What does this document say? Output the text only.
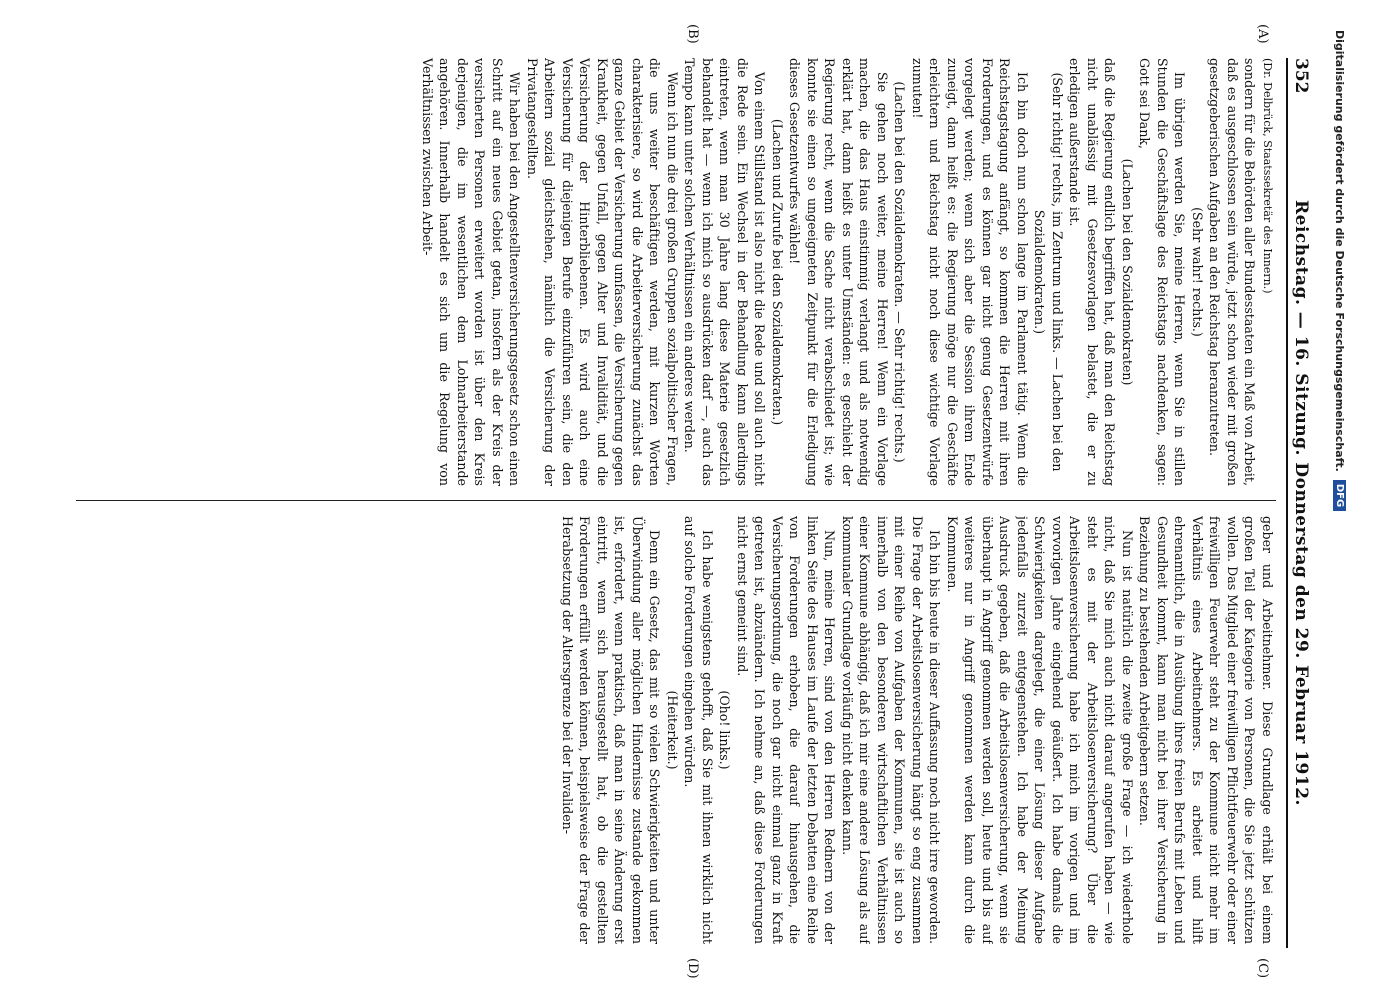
352
Reichstag. — 16. Sitzung. Donnerstag den 29. Februar 1912.
(A)
(B)
(C)
(D)

(Dr. Delbrück, Staatssekretär des Innern.)

sondern für die Behörden aller Bundesstaaten ein Maß von Arbeit, daß es ausgeschlossen sein würde, jetzt schon wieder mit großen gesetzgeberischen Aufgaben an den Reichstag heranzutreten.

(Sehr wahr! rechts.)

Im übrigen werden Sie, meine Herren, wenn Sie in stillen Stunden die Geschäftslage des Reichstags nachdenken, sagen: Gott sei Dank,

(Lachen bei den Sozialdemokraten)

daß die Regierung endlich begriffen hat, daß man den Reichstag nicht unablässig mit Gesetzesvorlagen belastet, die er zu erledigen außerstande ist.

(Sehr richtig! rechts, im Zentrum und links. — Lachen bei den Sozialdemokraten.)

Ich bin doch nun schon lange im Parlament tätig. Wenn die Reichstagstagung anfängt, so kommen die Herren mit ihren Forderungen, und es können gar nicht genug Gesetzentwürfe vorgelegt werden; wenn sich aber die Session ihrem Ende zuneigt, dann heißt es: die Regierung möge nur die Geschäfte erleichtern und Reichstag nicht noch diese wichtige Vorlage zumuten!

(Lachen bei den Sozialdemokraten. — Sehr richtig! rechts.)

Sie gehen noch weiter, meine Herren! Wenn ein Vorlage machen, die das Haus einstimmig verlangt und als notwendig erklärt hat, dann heißt es unter Umständen: es geschieht der Regierung recht, wenn die Sache nicht verabschiedet ist; wie konnte sie einen so ungeeigneten Zeitpunkt für die Erledigung dieses Gesetzentwurfes wählen!

(Lachen und Zurufe bei den Sozialdemokraten.)

Von einem Stillstand ist also nicht die Rede und soll auch nicht die Rede sein. Ein Wechsel in der Behandlung kann allerdings eintreten, wenn man 30 Jahre lang diese Materie gesetzlich behandelt hat — wenn ich mich so ausdrücken darf —, auch das Tempo kann unter solchen Verhältnissen ein anderes werden.

Wenn ich nun die drei großen Gruppen sozialpolitischer Fragen, die uns weiter beschäftigen werden, mit kurzen Worten charakterisiere, so wird die Arbeiterversicherung zunächst das ganze Gebiet der Versicherung umfassen, die Versicherung gegen Krankheit, gegen Unfall, gegen Alter und Invalidität, und die Versicherung der Hinterbliebenen. Es wird auch eine Versicherung für diejenigen Berufe einzuführen sein, die den Arbeitern sozial gleichstehen, nämlich die Versicherung der Privatangestellten.

Wir haben bei den Angestelltenversicherungsgesetz schon einen Schritt auf ein neues Gebiet getan, insofern als der Kreis der versicherten Personen erweitert worden ist über den Kreis derjenigen, die im wesentlichen dem Lohnarbeiterstande angehören. Innerhalb handelt es sich um die Regelung von Verhältnissen zwischen Arbeit-

geber und Arbeitnehmer. Diese Grundlage erhält bei einem großen Teil der Kategorie von Personen, die Sie jetzt schützen wollen. Das Mitglied einer freiwilligen Pflichtfeuerwehr oder einer freiwilligen Feuerwehr steht zu der Kommune nicht mehr im Verhältnis eines Arbeitnehmers. Es arbeitet und hilft ehrenamtlich, die in Ausübung ihres freien Berufs mit Leben und Gesundheit kommt, kann man nicht bei ihrer Versicherung in Beziehung zu bestehenden Arbeitgebern setzen.

Nun ist natürlich die zweite große Frage — ich wiederhole nicht, daß Sie mich auch nicht darauf angerufen haben — wie steht es mit der Arbeitslosenversicherung? Über die Arbeitslosenversicherung habe ich mich im vorigen und im vorvorigen Jahre eingehend geäußert. Ich habe damals die Schwierigkeiten dargelegt, die einer Lösung dieser Aufgabe jedenfalls zurzeit entgegenstehen. Ich habe der Meinung Ausdruck gegeben, daß die Arbeitslosenversicherung, wenn sie überhaupt in Angriff genommen werden soll, heute und bis auf weiteres nur in Angriff genommen werden kann durch die Kommunen.

Ich bin bis heute in dieser Auffassung noch nicht irre geworden. Die Frage der Arbeitslosenversicherung hängt so eng zusammen mit einer Reihe von Aufgaben der Kommunen, sie ist auch so innerhalb von den besonderen wirtschaftlichen Verhältnissen einer Kommune abhängig, daß ich mir eine andere Lösung als auf kommunaler Grundlage vorläufig nicht denken kann.

Nun, meine Herren, sind von den Herren Rednern von der linken Seite des Hauses im Laufe der letzten Debatten eine Reihe von Forderungen erhoben, die darauf hinausgehen, die Versicherungsordnung, die noch gar nicht einmal ganz in Kraft getreten ist, abzuändern. Ich nehme an, daß diese Forderungen nicht ernst gemeint sind.

(Oho! links.)

Ich habe wenigstens gehofft, daß Sie mit ihnen wirklich nicht auf solche Forderungen eingehen würden.

(Heiterkeit.)

Denn ein Gesetz, das mit so vielen Schwierigkeiten und unter Überwindung aller möglichen Hindernisse zustande gekommen ist, erfordert, wenn praktisch, daß man in seine Änderung erst eintritt, wenn sich herausgestellt hat, ob die gestellten Forderungen erfüllt werden können, beispielsweise der Frage der Herabsetzung der Altersgrenze bei der Invaliden-

Digitalisierung gefördert durch die Deutsche Forschungsgemeinschaft.
DFG
